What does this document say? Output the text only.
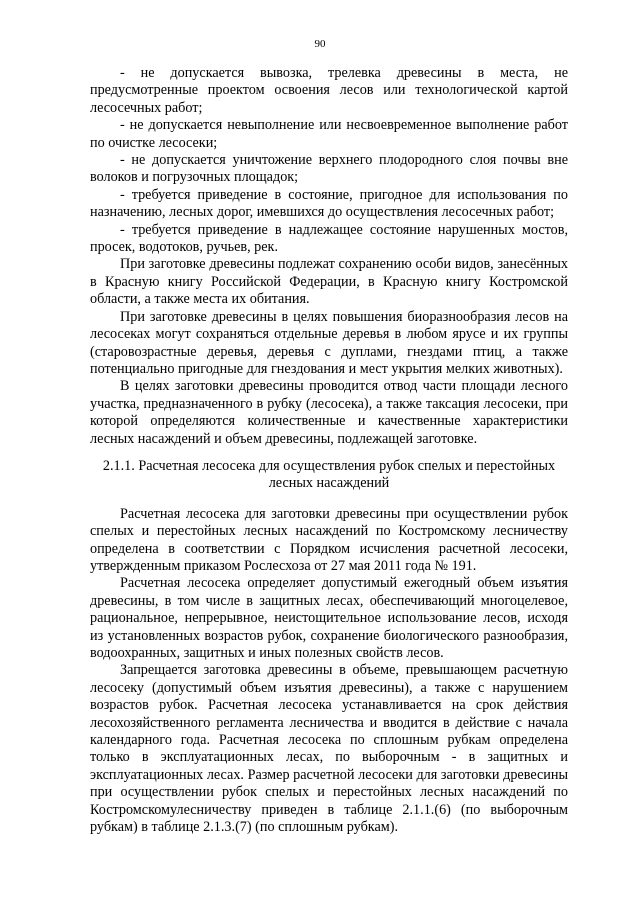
90

- не допускается вывозка, трелевка древесины в места, не предусмотренные проектом освоения лесов или технологической картой лесосечных работ;

- не допускается невыполнение или несвоевременное выполнение работ по очистке лесосеки;

- не допускается уничтожение верхнего плодородного слоя почвы вне волоков и погрузочных площадок;

- требуется приведение в состояние, пригодное для использования по назначению, лесных дорог, имевшихся до осуществления лесосечных работ;

- требуется приведение в надлежащее состояние нарушенных мостов, просек, водотоков, ручьев, рек.

При заготовке древесины подлежат сохранению особи видов, занесённых в Красную книгу Российской Федерации, в Красную книгу Костромской области, а также места их обитания.

При заготовке древесины в целях повышения биоразнообразия лесов на лесосеках могут сохраняться отдельные деревья в любом ярусе и их группы (старовозрастные деревья, деревья с дуплами, гнездами птиц, а также потенциально пригодные для гнездования и мест укрытия мелких животных).

В целях заготовки древесины проводится отвод части площади лесного участка, предназначенного в рубку (лесосека), а также таксация лесосеки, при которой определяются количественные и качественные характеристики лесных насаждений и объем древесины, подлежащей заготовке.

2.1.1. Расчетная лесосека для осуществления рубок спелых и перестойных лесных насаждений

Расчетная лесосека для заготовки древесины при осуществлении рубок спелых и перестойных лесных насаждений по Костромскому лесничеству определена в соответствии с Порядком исчисления расчетной лесосеки, утвержденным приказом Рослесхоза от 27 мая 2011 года № 191.

Расчетная лесосека определяет допустимый ежегодный объем изъятия древесины, в том числе в защитных лесах, обеспечивающий многоцелевое, рациональное, непрерывное, неистощительное использование лесов, исходя из установленных возрастов рубок, сохранение биологического разнообразия, водоохранных, защитных и иных полезных свойств лесов.

Запрещается заготовка древесины в объеме, превышающем расчетную лесосеку (допустимый объем изъятия древесины), а также с нарушением возрастов рубок. Расчетная лесосека устанавливается на срок действия лесохозяйственного регламента лесничества и вводится в действие с начала календарного года. Расчетная лесосека по сплошным рубкам определена только в эксплуатационных лесах, по выборочным - в защитных и эксплуатационных лесах. Размер расчетной лесосеки для заготовки древесины при осуществлении рубок спелых и перестойных лесных насаждений по Костромскомулесничеству приведен в таблице 2.1.1.(6) (по выборочным рубкам) в таблице 2.1.3.(7) (по сплошным рубкам).
